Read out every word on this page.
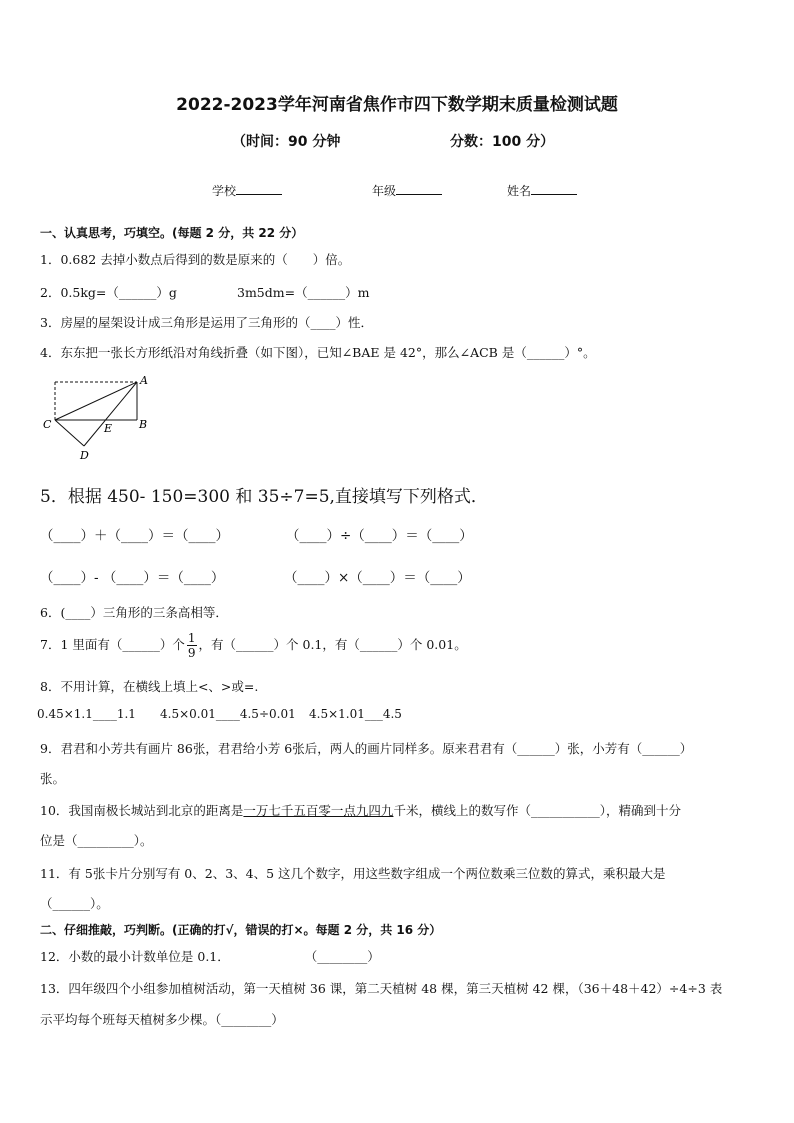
2022-2023学年河南省焦作市四下数学期末质量检测试题
（时间：90 分钟	分数：100 分）
学校	年级	姓名
一、认真思考，巧填空。(每题 2 分，共 22 分）
1．0.682 去掉小数点后得到的数是原来的（　　）倍。
2．0.5kg=（______）g	3m5dm=（______）m
3．房屋的屋架设计成三角形是运用了三角形的（____）性．
4．东东把一张长方形纸沿对角线折叠（如下图），已知∠BAE 是 42°，那么∠ACB 是（______）°。
A
B
C
D
E
5．根据 450- 150=300 和 35÷7=5,直接填写下列格式．
（____）＋（____）＝（____）	（____）÷（____）＝（____）
（____）- （____）＝（____）	（____）×（____）＝（____）
6．(____）三角形的三条高相等．
7．1 里面有（______）个 $\frac{1}{9}$ ，有（______）个 0.1，有（______）个 0.01。
8．不用计算，在横线上填上<、>或=.
0.45×1.1____1.1 4.5×0.01____4.5÷0.01 4.5×1.01___4.5
9．君君和小芳共有画片 86张，君君给小芳 6张后，两人的画片同样多。原来君君有（______）张，小芳有（______）
张。
10．我国南极长城站到北京的距离是一万七千五百零一点九四九千米，横线上的数写作（___________），精确到十分
位是（_________）。
11．有 5张卡片分别写有 0、2、3、4、5 这几个数字，用这些数字组成一个两位数乘三位数的算式，乘积最大是
（______）。
二、仔细推敲，巧判断。(正确的打√，错误的打×。每题 2 分，共 16 分）
12．小数的最小计数单位是 0.1．　　　　　　　（________）
13．四年级四个小组参加植树活动，第一天植树 36 课，第二天植树 48 棵，第三天植树 42 棵，（36＋48＋42）÷4÷3 表
示平均每个班每天植树多少棵。（________）
